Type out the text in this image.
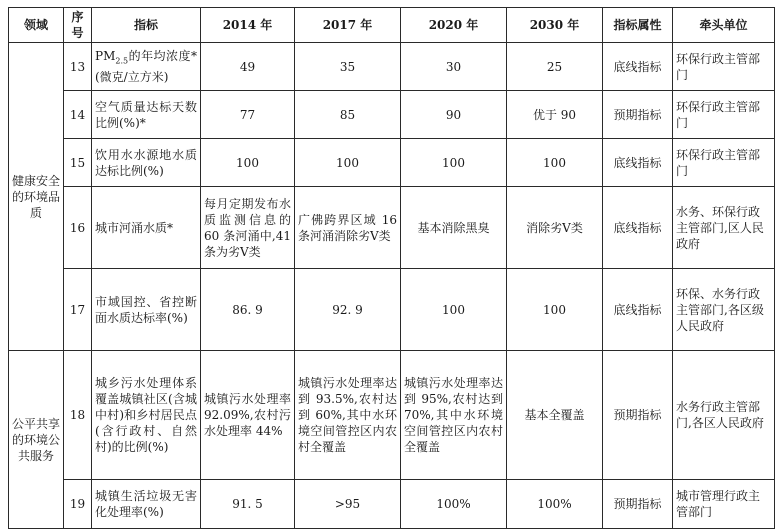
领域	序号	指标	2014 年	2017 年	2020 年	2030 年	指标属性	牵头单位
健康安全的环境品质	13	$PM_{2.5}$的年均浓度*(微克/立方米)	49	35	30	25	底线指标	环保行政主管部门
	14	空气质量达标天数比例(%)*	77	85	90	优于 90	预期指标	环保行政主管部门
	15	饮用水水源地水质达标比例(%)	100	100	100	100	底线指标	环保行政主管部门
	16	城市河涌水质*	每月定期发布水质监测信息的 60 条河涌中,41 条为劣Ⅴ类	广佛跨界区域 16 条河涌消除劣Ⅴ类	基本消除黑臭	消除劣Ⅴ类	底线指标	水务、环保行政主管部门,区人民政府
	17	市域国控、省控断面水质达标率(%)	86. 9	92. 9	100	100	底线指标	环保、水务行政主管部门,各区级人民政府
公平共享的环境公共服务	18	城乡污水处理体系覆盖城镇社区(含城中村)和乡村居民点(含行政村、自然村)的比例(%)	城镇污水处理率 92.09%,农村污水处理率 44%	城镇污水处理率达到 93.5%,农村达到 60%,其中水环境空间管控区内农村全覆盖	城镇污水处理率达到 95%,农村达到 70%,其中水环境空间管控区内农村全覆盖	基本全覆盖	预期指标	水务行政主管部门,各区人民政府
	19	城镇生活垃圾无害化处理率(%)	91. 5	>95	100%	100%	预期指标	城市管理行政主管部门
